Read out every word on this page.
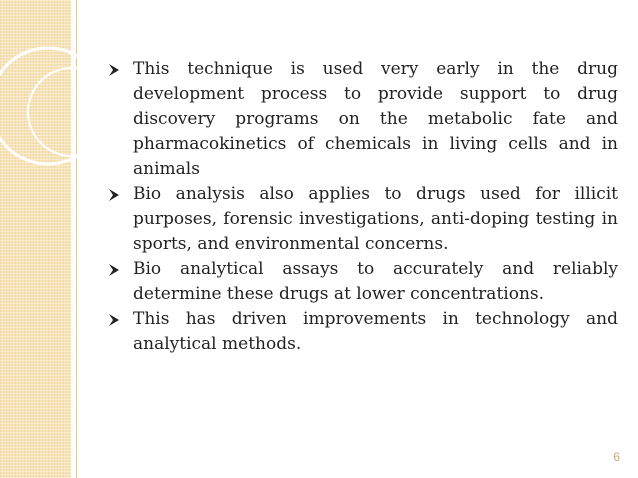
This technique is used very early in the drug development process to provide support to drug discovery programs on the metabolic fate and pharmacokinetics of chemicals in living cells and in animals
Bio analysis also applies to drugs used for illicit purposes, forensic investigations, anti-doping testing in sports, and environmental concerns.
Bio analytical assays to accurately and reliably determine these drugs at lower concentrations.
This has driven improvements in technology and analytical methods.
6
